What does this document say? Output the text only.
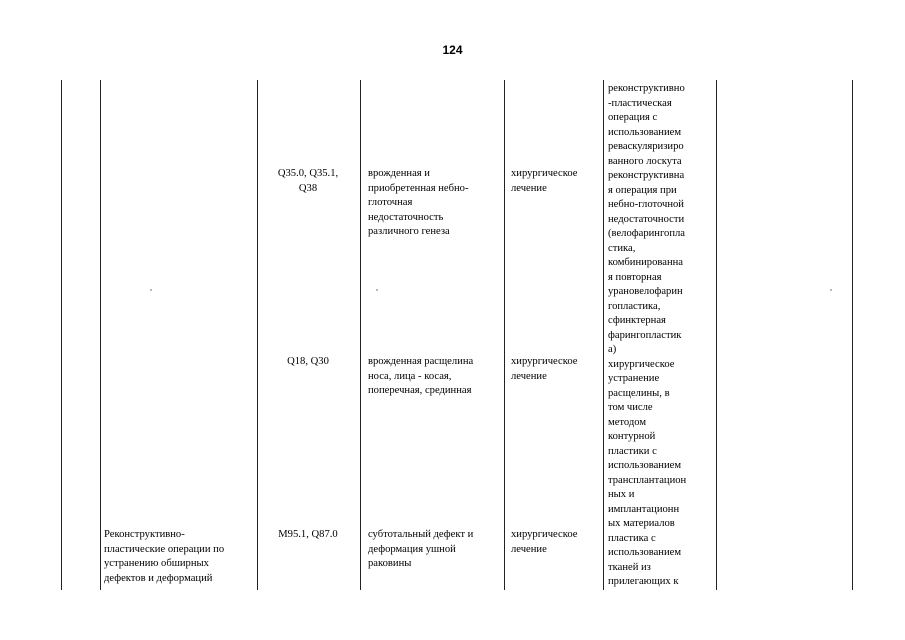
124
Q35.0, Q35.1,
Q38
врожденная и
приобретенная небно-
глоточная
недостаточность
различного генеза
хирургическое
лечение
Q18, Q30	врожденная расщелина
носа, лица - косая,
поперечная, срединная
хирургическое
лечение
Реконструктивно-
пластические операции по
устранению обширных
дефектов и деформаций
M95.1, Q87.0	субтотальный дефект и
деформация ушной
раковины
хирургическое
лечение
реконструктивно
-пластическая
операция с
использованием
реваскуляризиро
ванного лоскута
реконструктивна
я операция при
небно-глоточной
недостаточности
(велофарингопла
стика,
комбинированна
я повторная
урановелофарин
гопластика,
сфинктерная
фарингопластик
а)
хирургическое
устранение
расщелины, в
том числе
методом
контурной
пластики с
использованием
трансплантацион
ных и
имплантационн
ых материалов
пластика с
использованием
тканей из
прилегающих к
